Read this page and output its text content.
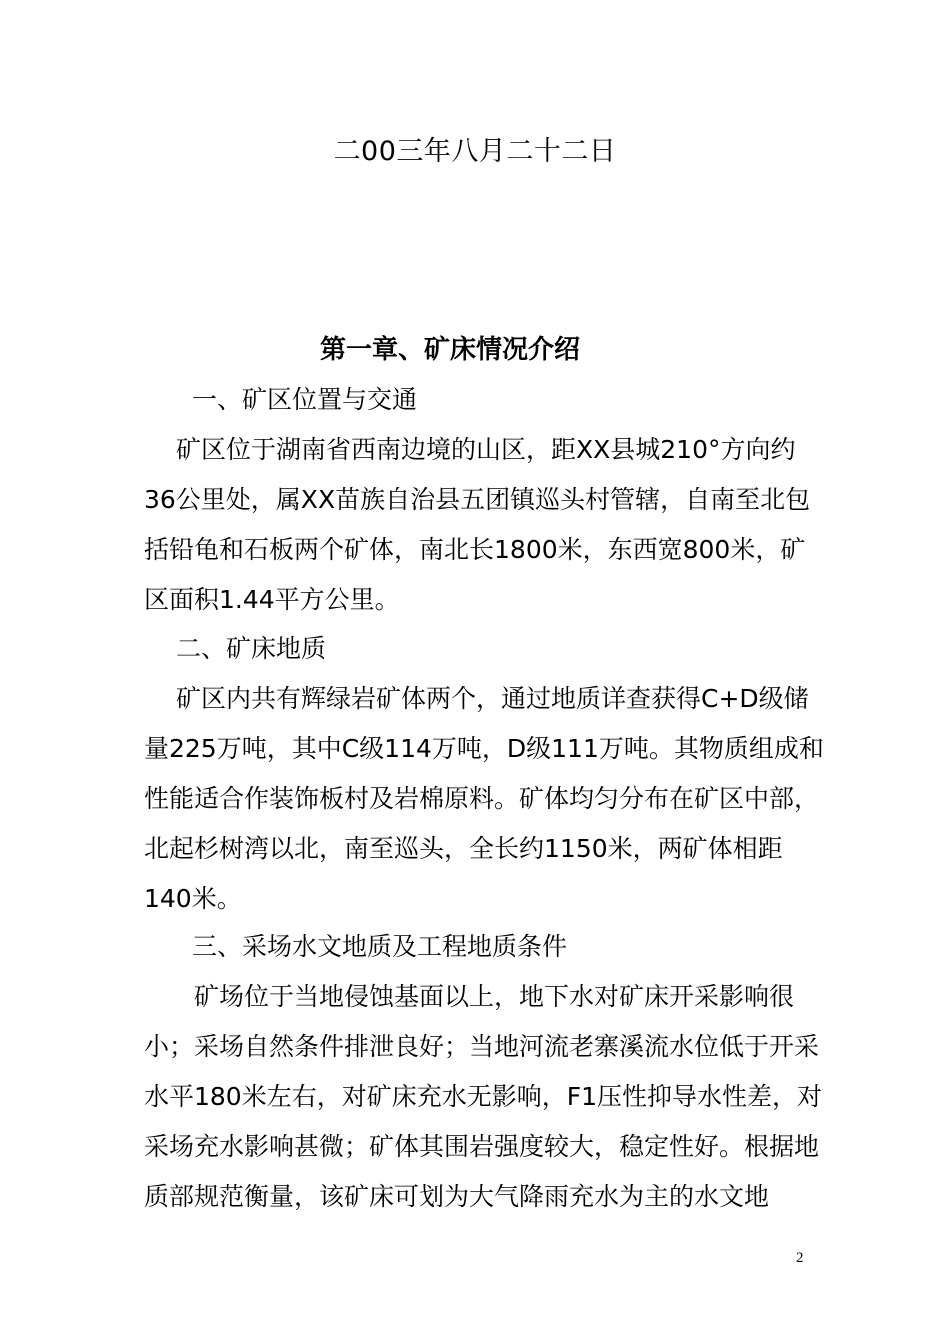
二00三年八月二十二日
第一章、矿床情况介绍
一、矿区位置与交通
矿区位于湖南省西南边境的山区，距XX县城210°方向约36公里处，属XX苗族自治县五团镇巡头村管辖，自南至北包括铅龟和石板两个矿体，南北长1800米，东西宽800米，矿区面积1.44平方公里。
二、矿床地质
矿区内共有辉绿岩矿体两个，通过地质详查获得C+D级储量225万吨，其中C级114万吨，D级111万吨。其物质组成和性能适合作装饰板村及岩棉原料。矿体均匀分布在矿区中部，北起杉树湾以北，南至巡头，全长约1150米，两矿体相距140米。
三、采场水文地质及工程地质条件
矿场位于当地侵蚀基面以上，地下水对矿床开采影响很小；采场自然条件排泄良好；当地河流老寨溪流水位低于开采水平180米左右，对矿床充水无影响，F1压性抑导水性差，对采场充水影响甚微；矿体其围岩强度较大，稳定性好。根据地质部规范衡量，该矿床可划为大气降雨充水为主的水文地
2
